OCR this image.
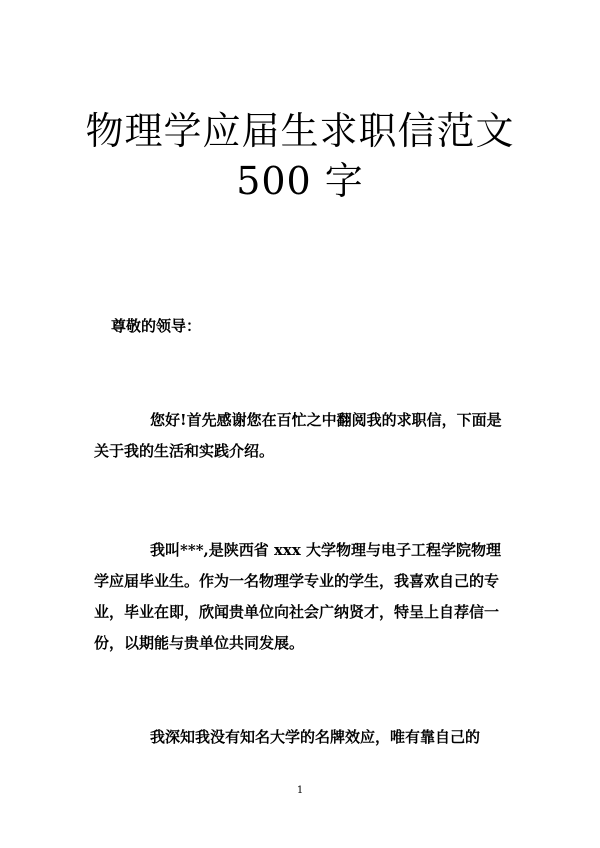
物理学应届生求职信范文
500 字

尊敬的领导：

您好!首先感谢您在百忙之中翻阅我的求职信，下面是关于我的生活和实践介绍。

我叫***,是陕西省 xxx 大学物理与电子工程学院物理学应届毕业生。作为一名物理学专业的学生，我喜欢自己的专业，毕业在即，欣闻贵单位向社会广纳贤才，特呈上自荐信一份，以期能与贵单位共同发展。

我深知我没有知名大学的名牌效应，唯有靠自己的

1
